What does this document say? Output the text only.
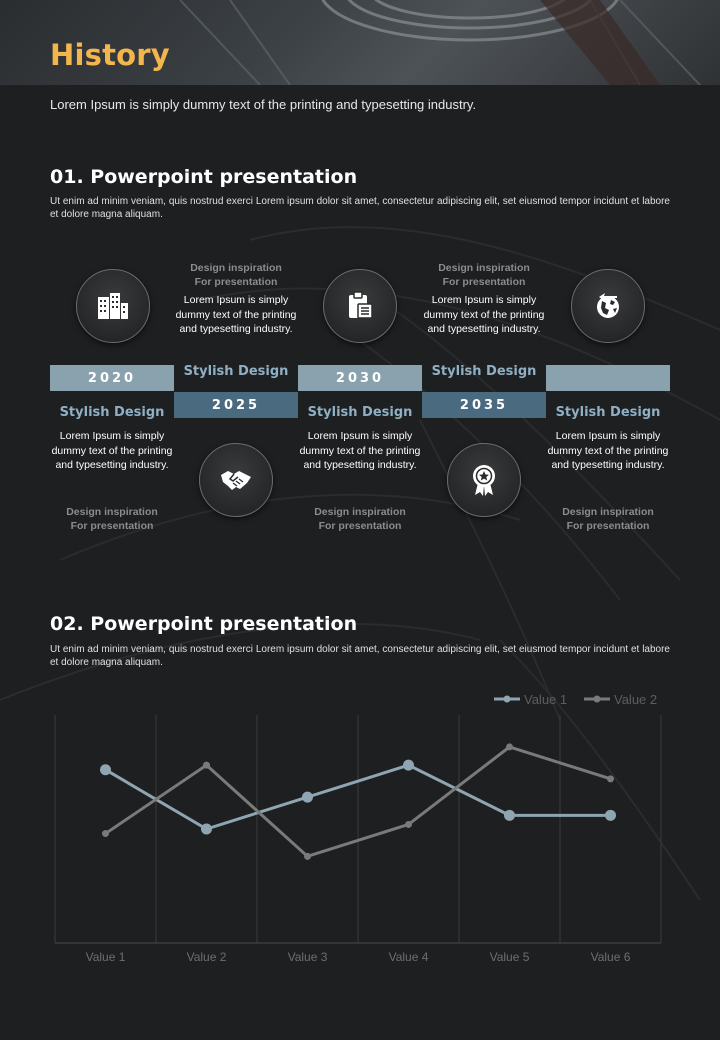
History
Lorem Ipsum is simply dummy text of the printing and typesetting industry.
01. Powerpoint presentation
Ut enim ad minim veniam, quis nostrud exerci Lorem ipsum dolor sit amet, consectetur adipiscing elit, set eiusmod tempor incidunt et labore et dolore magna aliquam.
2020
Stylish Design
Lorem Ipsum is simply dummy text of the printing and typesetting industry.
Design inspiration
For presentation
Design inspiration
For presentation
Lorem Ipsum is simply dummy text of the printing and typesetting industry.
Stylish Design
2025
2030
Stylish Design
Lorem Ipsum is simply dummy text of the printing and typesetting industry.
Design inspiration
For presentation
Design inspiration
For presentation
Lorem Ipsum is simply dummy text of the printing and typesetting industry.
Stylish Design
2035	Stylish Design
Lorem Ipsum is simply dummy text of the printing and typesetting industry.
Design inspiration
For presentation
02. Powerpoint presentation
Ut enim ad minim veniam, quis nostrud exerci Lorem ipsum dolor sit amet, consectetur adipiscing elit, set eiusmod tempor incidunt et labore et dolore magna aliquam.
Value 1	Value 2	Value 3	Value 4	Value 5	Value 6
Value 1	Value 2
